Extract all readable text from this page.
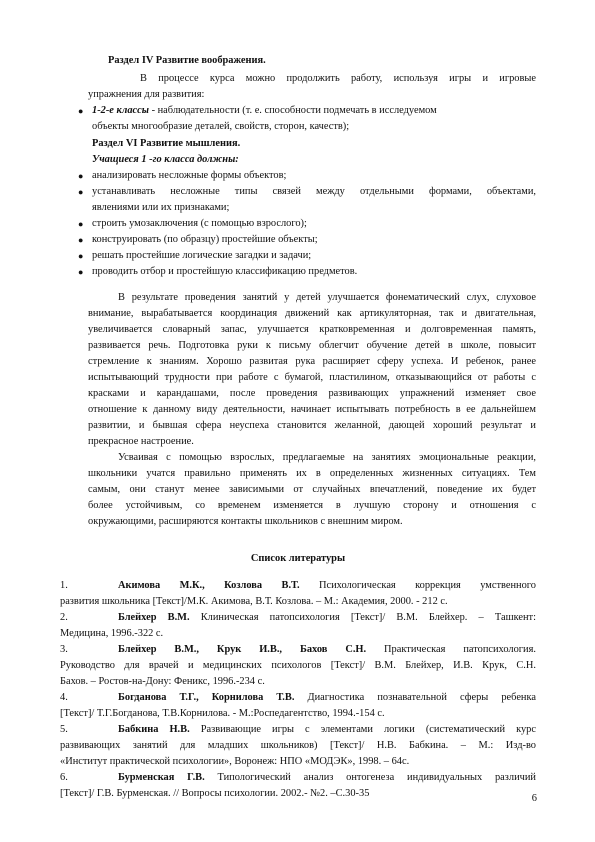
Раздел IV Развитие воображения.
В процессе курса можно продолжить работу, используя игры и игровые
упражнения для развития:
● 1-2-е классы - наблюдательности (т. е. способности подмечать в исследуемом
объекты многообразие деталей, свойств, сторон, качеств);
Раздел VI Развитие мышления.
Учащиеся 1 -го класса должны:
● анализировать несложные формы объектов;
● устанавливать несложные типы связей между отдельными формами, объектами,
явлениями или их признаками;
● строить умозаключения (с помощью взрослого);
● конструировать (по образцу) простейшие объекты;
● решать простейшие логические загадки и задачи;
● проводить отбор и простейшую классификацию предметов.
В результате проведения занятий у детей улучшается фонематический слух, слуховое
внимание, вырабатывается координация движений как артикуляторная, так и двигательная,
увеличивается словарный запас, улучшается кратковременная и долговременная память,
развивается речь. Подготовка руки к письму облегчит обучение детей в школе, повысит
стремление к знаниям. Хорошо развитая рука расширяет сферу успеха. И ребенок, ранее
испытывающий трудности при работе с бумагой, пластилином, отказывающийся от работы с
красками и карандашами, после проведения развивающих упражнений изменяет свое
отношение к данному виду деятельности, начинает испытывать потребность в ее дальнейшем
развитии, и бывшая сфера неуспеха становится желанной, дающей хороший результат и
прекрасное настроение.
Усваивая с помощью взрослых, предлагаемые на занятиях эмоциональные реакции,
школьники учатся правильно применять их в определенных жизненных ситуациях. Тем
самым, они станут менее зависимыми от случайных впечатлений, поведение их будет
более устойчивым, со временем изменяется в лучшую сторону и отношения с
окружающими, расширяются контакты школьников с внешним миром.
Список литературы
1.	Акимова М.К., Козлова В.Т. Психологическая коррекция умственного
развития школьника [Текст]/М.К. Акимова, В.Т. Козлова. – М.: Академия, 2000. - 212 с.
2.	Блейхер В.М. Клиническая патопсихология [Текст]/ В.М. Блейхер. – Ташкент:
Медицина, 1996.-322 с.
3.	Блейхер В.М., Крук И.В., Бахов С.Н. Практическая патопсихология.
Руководство для врачей и медицинских психологов [Текст]/ В.М. Блейхер, И.В. Крук, С.Н.
Бахов. – Ростов-на-Дону: Феникс, 1996.-234 с.
4.	Богданова Т.Г., Корнилова Т.В. Диагностика познавательной сферы ребенка
[Текст]/ Т.Г.Богданова, Т.В.Корнилова. - М.:Роспедагентство, 1994.-154 с.
5.	Бабкина Н.В. Развивающие игры с элементами логики (систематический курс
развивающих занятий для младших школьников) [Текст]/ Н.В. Бабкина. – М.: Изд-во
«Институт практической психологии», Воронеж: НПО «МОДЭК», 1998. – 64с.
6.	Бурменская Г.В. Типологический анализ онтогенеза индивидуальных различий
[Текст]/ Г.В. Бурменская. // Вопросы психологии. 2002.- №2. –С.30-35	6
